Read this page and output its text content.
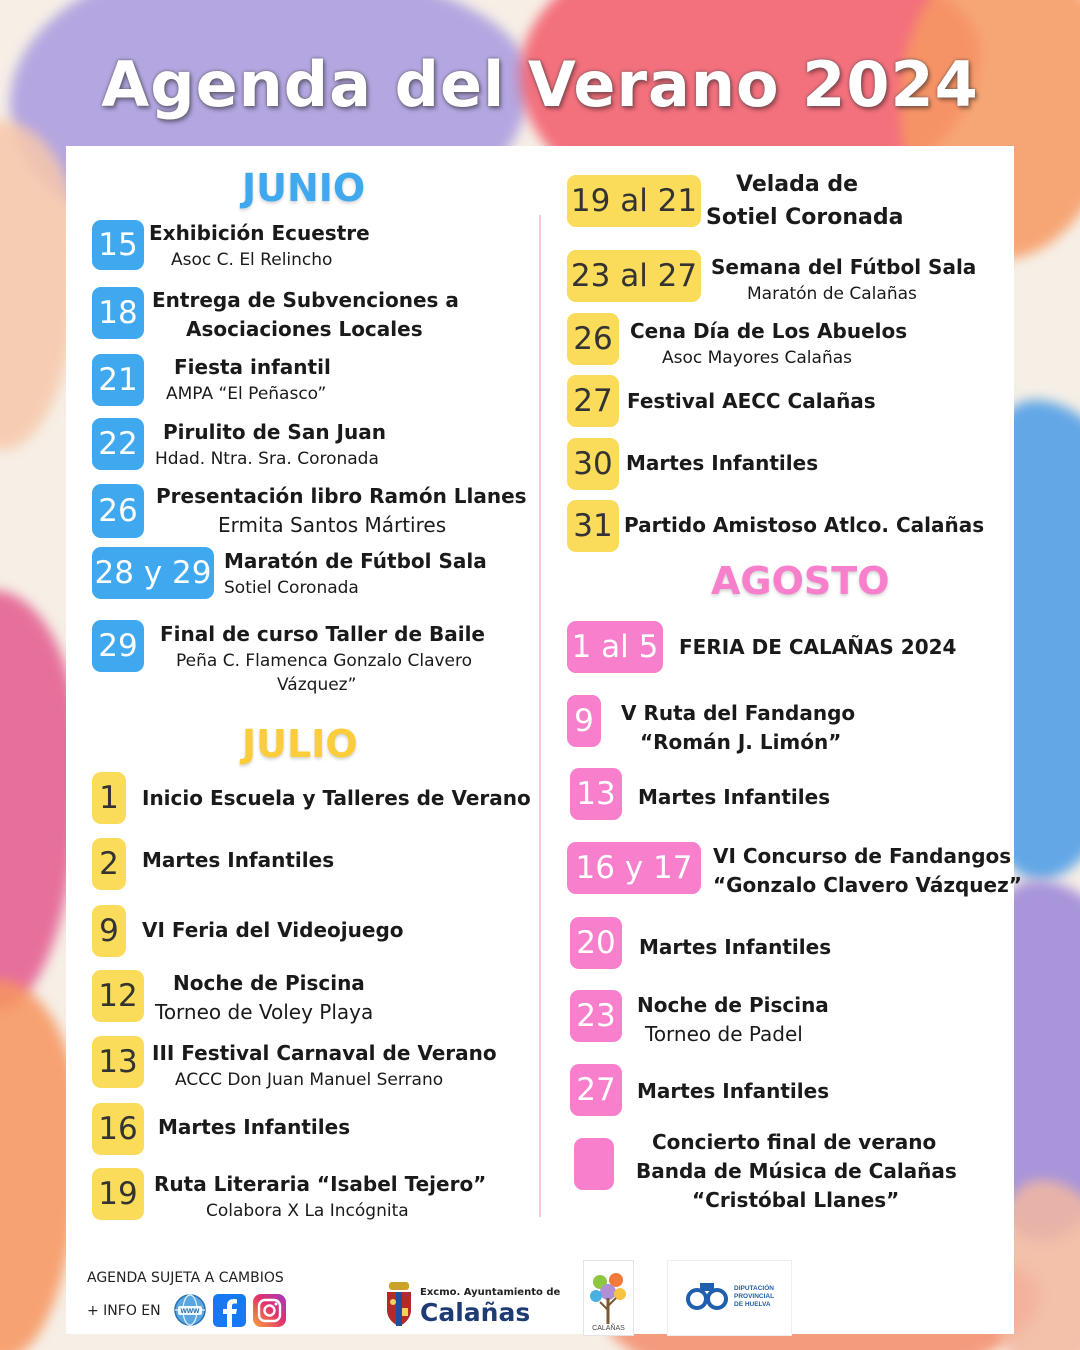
Agenda del Verano 2024
JUNIO
JULIO
AGOSTO
15 Exhibición Ecuestre
Asoc C. El Relincho
18 Entrega de Subvenciones a
Asociaciones Locales
21	Fiesta infantil
AMPA “El Peñasco”
22	Pirulito de San Juan
Hdad. Ntra. Sra. Coronada
26 Presentación libro Ramón Llanes
Ermita Santos Mártires
28 y 29 Maratón de Fútbol Sala
Sotiel Coronada
29	Final de curso Taller de Baile
Peña C. Flamenca Gonzalo Clavero
Vázquez”
1	Inicio Escuela y Talleres de Verano
2	Martes Infantiles
9	VI Feria del Videojuego
12	Noche de Piscina
Torneo de Voley Playa
13 III Festival Carnaval de Verano
ACCC Don Juan Manuel Serrano
16	Martes Infantiles
19 Ruta Literaria “Isabel Tejero”
Colabora X La Incógnita
19 al 21 Velada de
Sotiel Coronada
23 al 27 Semana del Fútbol Sala
Maratón de Calañas
26 Cena Día de Los Abuelos
Asoc Mayores Calañas
27 Festival AECC Calañas
30 Martes Infantiles
31 Partido Amistoso Atlco. Calañas
1 al 5 FERIA DE CALAÑAS 2024
9	V Ruta del Fandango
“Román J. Limón”
13	Martes Infantiles
16 y 17	VI Concurso de Fandangos
“Gonzalo Clavero Vázquez”
20	Martes Infantiles
23	Noche de Piscina
Torneo de Padel
27	Martes Infantiles
Concierto final de verano
Banda de Música de Calañas
“Cristóbal Llanes”
AGENDA SUJETA A CAMBIOS
+ INFO EN	www
Excmo. Ayuntamiento de
Calañas
CALAÑAS
DIPUTACIÓN
PROVINCIAL
DE HUELVA
